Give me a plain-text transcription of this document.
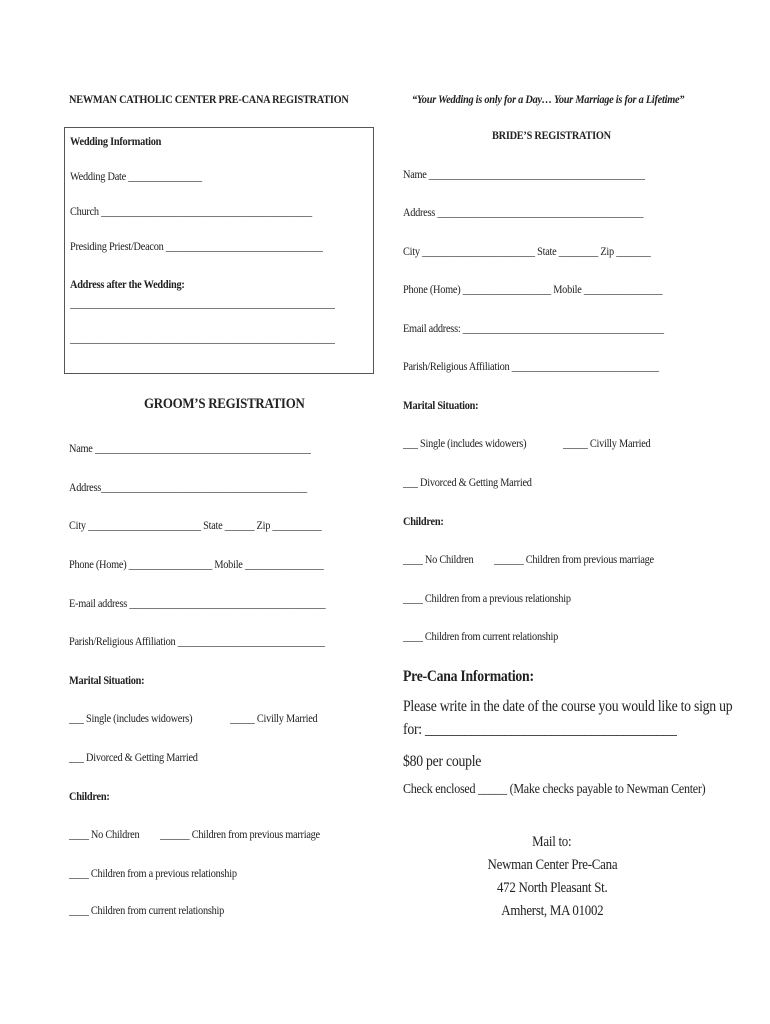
NEWMAN CATHOLIC CENTER PRE-CANA REGISTRATION	“Your Wedding is only for a Day… Your Marriage is for a Lifetime”
Wedding Information
Wedding Date _______________
Church ___________________________________________
Presiding Priest/Deacon ________________________________
Address after the Wedding:
______________________________________________________
______________________________________________________
GROOM’S REGISTRATION
Name ____________________________________________
Address__________________________________________
City _______________________ State ______ Zip __________
Phone (Home) _________________ Mobile ________________
E-mail address ________________________________________
Parish/Religious Affiliation ______________________________
Marital Situation:
___ Single (includes widowers)	_____ Civilly Married
___ Divorced & Getting Married
Children:
____ No Children ______ Children from previous marriage
____ Children from a previous relationship
____ Children from current relationship
BRIDE’S REGISTRATION
Name ____________________________________________
Address __________________________________________
City _______________________ State ________ Zip _______
Phone (Home) __________________ Mobile ________________
Email address: _________________________________________
Parish/Religious Affiliation ______________________________
Marital Situation:
___ Single (includes widowers)	_____ Civilly Married
___ Divorced & Getting Married
Children:
____ No Children ______ Children from previous marriage
____ Children from a previous relationship
____ Children from current relationship
Pre-Cana Information:
Please write in the date of the course you would like to sign up
for: ______________________________________
$80 per couple
Check enclosed _____ (Make checks payable to Newman Center)
Mail to:
Newman Center Pre-Cana
472 North Pleasant St.
Amherst, MA 01002
